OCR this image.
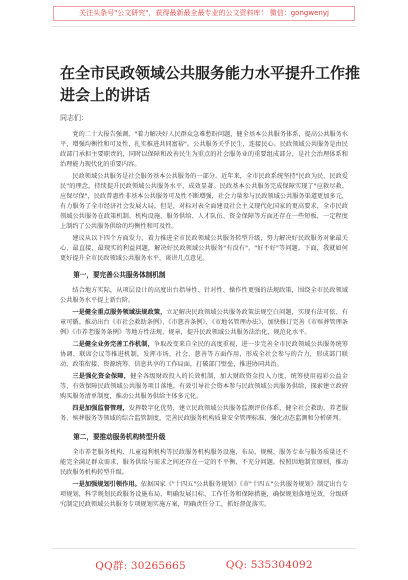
关注头条号"公文研究"，获得最新最全最专业的公文资料库！ 微信：gongwenyj
在全市民政领域公共服务能力水平提升工作推进会上的讲话
同志们：

党的二十大报告强调，"着力解决好人民群众急难愁盼问题，健全基本公共服务体系，提高公共服务水平，增强均衡性和可及性，扎实推进共同富裕"。公共服务关乎民生，连接民心。民政领域公共服务是由民政部门承担主要职责的，同时以保障和改善民生为重点的社会服务业的重要组成部分，是社会治理体系和治理能力现代化的重要内容。

民政领域公共服务是社会服务基本公共服务的一部分。近年来，全市民政系统坚持"民政为民、民政爱民"的理念，持续提升民政领域公共服务水平，成效显著。民政基本公共服务完成保障实现了"应救尽救、应保尽保"，民政普惠性非基本公共服务可及性不断增强，社会力量参与民政领域公共服务渠道更加多元，有力服务了全市经济社会发展大局。但是，对标对表全面建设社会主义现代化国家的更高要求，全市民政领域公共服务在政策机制、机构设施、服务供给、人才队伍、资金保障等方面还存在一些短板，一定程度上制约了公共服务供给的均衡性和可及性。

建议从以下四个方面发力，着力推进全市民政领域公共服务转型升级，努力解决好民政服务对象最关心、最直接、最现实的利益问题，解决好民政领域公共服务"有没有"、"好不好"等问题。下面，我就如何更好提升全市民政领域公共服务水平，谈讲几点意见。

第一，要完善公共服务体制机制

结合地方实际，从项层设计的高度出台指导性、针对性、操作性更强的法规政策，围绕全市民政领域公共服务水平提上新台阶。

一是健全重点服务领域法规政策，立足解决民政领域公共服务政策法规空白问题，实现有法可依、有章可循。推动出台《市社会救助条例》、《市慈善条例》、《市地名管理办法》，加快修订完善《市殡葬管理条例》《市养老服务条例》等地方性法规、规章，提升民政领域公共服务法治化、规范化水平。

二是健全业务完善工作机制，争取改变来自全民的高度重视，进一步完善全市民政领域公共服务统筹协调、联席会议等推进机制，发挥市场、社会、慈善等方面作用，形成全社会参与的合力，形成部门联动、政策衔接、资源统筹、信息共享的工作局面，打破部门壁垒，推进协同共治。

三是强化资金保障，健全各级财政投入的长效机制，加大财政资金投入力度，统筹使用福彩公益金等，有效保障民政领域公共服务项目落地。有效引导社会资本参与民政领域公共服务供给，探索建立政府购买服务清单制度，推动公共服务供给主体多元化。

四是加强监督管理，发挥数字化优势，建立民政领域公共服务监测评价体系，健全社会救助、养老服务、殡葬服务等领域的综合监管制度，完善民政服务机构质量安全管理标准，强化动态监测和分析研判。

第二，要推动服务机构转型升级

全市养老服务机构、儿童福利机构等民政服务机构服务设施、布局、规模、服务专业与服务质量还不能完全满足群众需求，服务供给与需求之间还存在一定的不平衡、不充分问题。按照因地制宜原则，推动民政服务机构转型升级。

一是加强规划引领作用。依据国家《"十四五"公共服务规划》《市"十四五"公共服务规划》制定出台专项规划，科学规划民政服务设施布局，明确发展目标、工作任务和保障措施，确保规划落地见效，分级研究制定民政领域公共服务专项规划实施方案，明确责任分工，抓好督促落实。

QQ群: 30265665	QQ: 535304092
